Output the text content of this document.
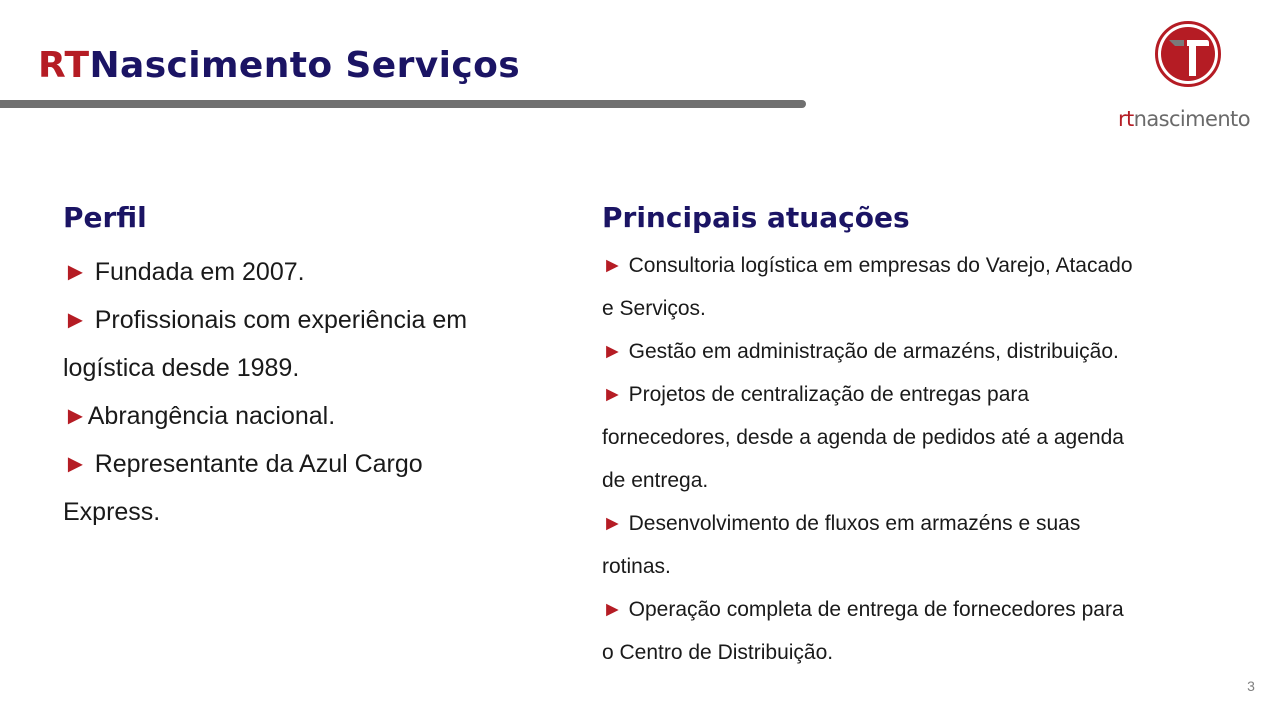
RTNascimento Serviços
rtnascimento
Perfil
► Fundada em 2007.
► Profissionais com experiência em
logística desde 1989.
►Abrangência nacional.
► Representante da Azul Cargo
Express.
Principais atuações
► Consultoria logística em empresas do Varejo, Atacado
e Serviços.
► Gestão em administração de armazéns, distribuição.
► Projetos de centralização de entregas para
fornecedores, desde a agenda de pedidos até a agenda
de entrega.
► Desenvolvimento de fluxos em armazéns e suas
rotinas.
► Operação completa de entrega de fornecedores para
o Centro de Distribuição.
3
